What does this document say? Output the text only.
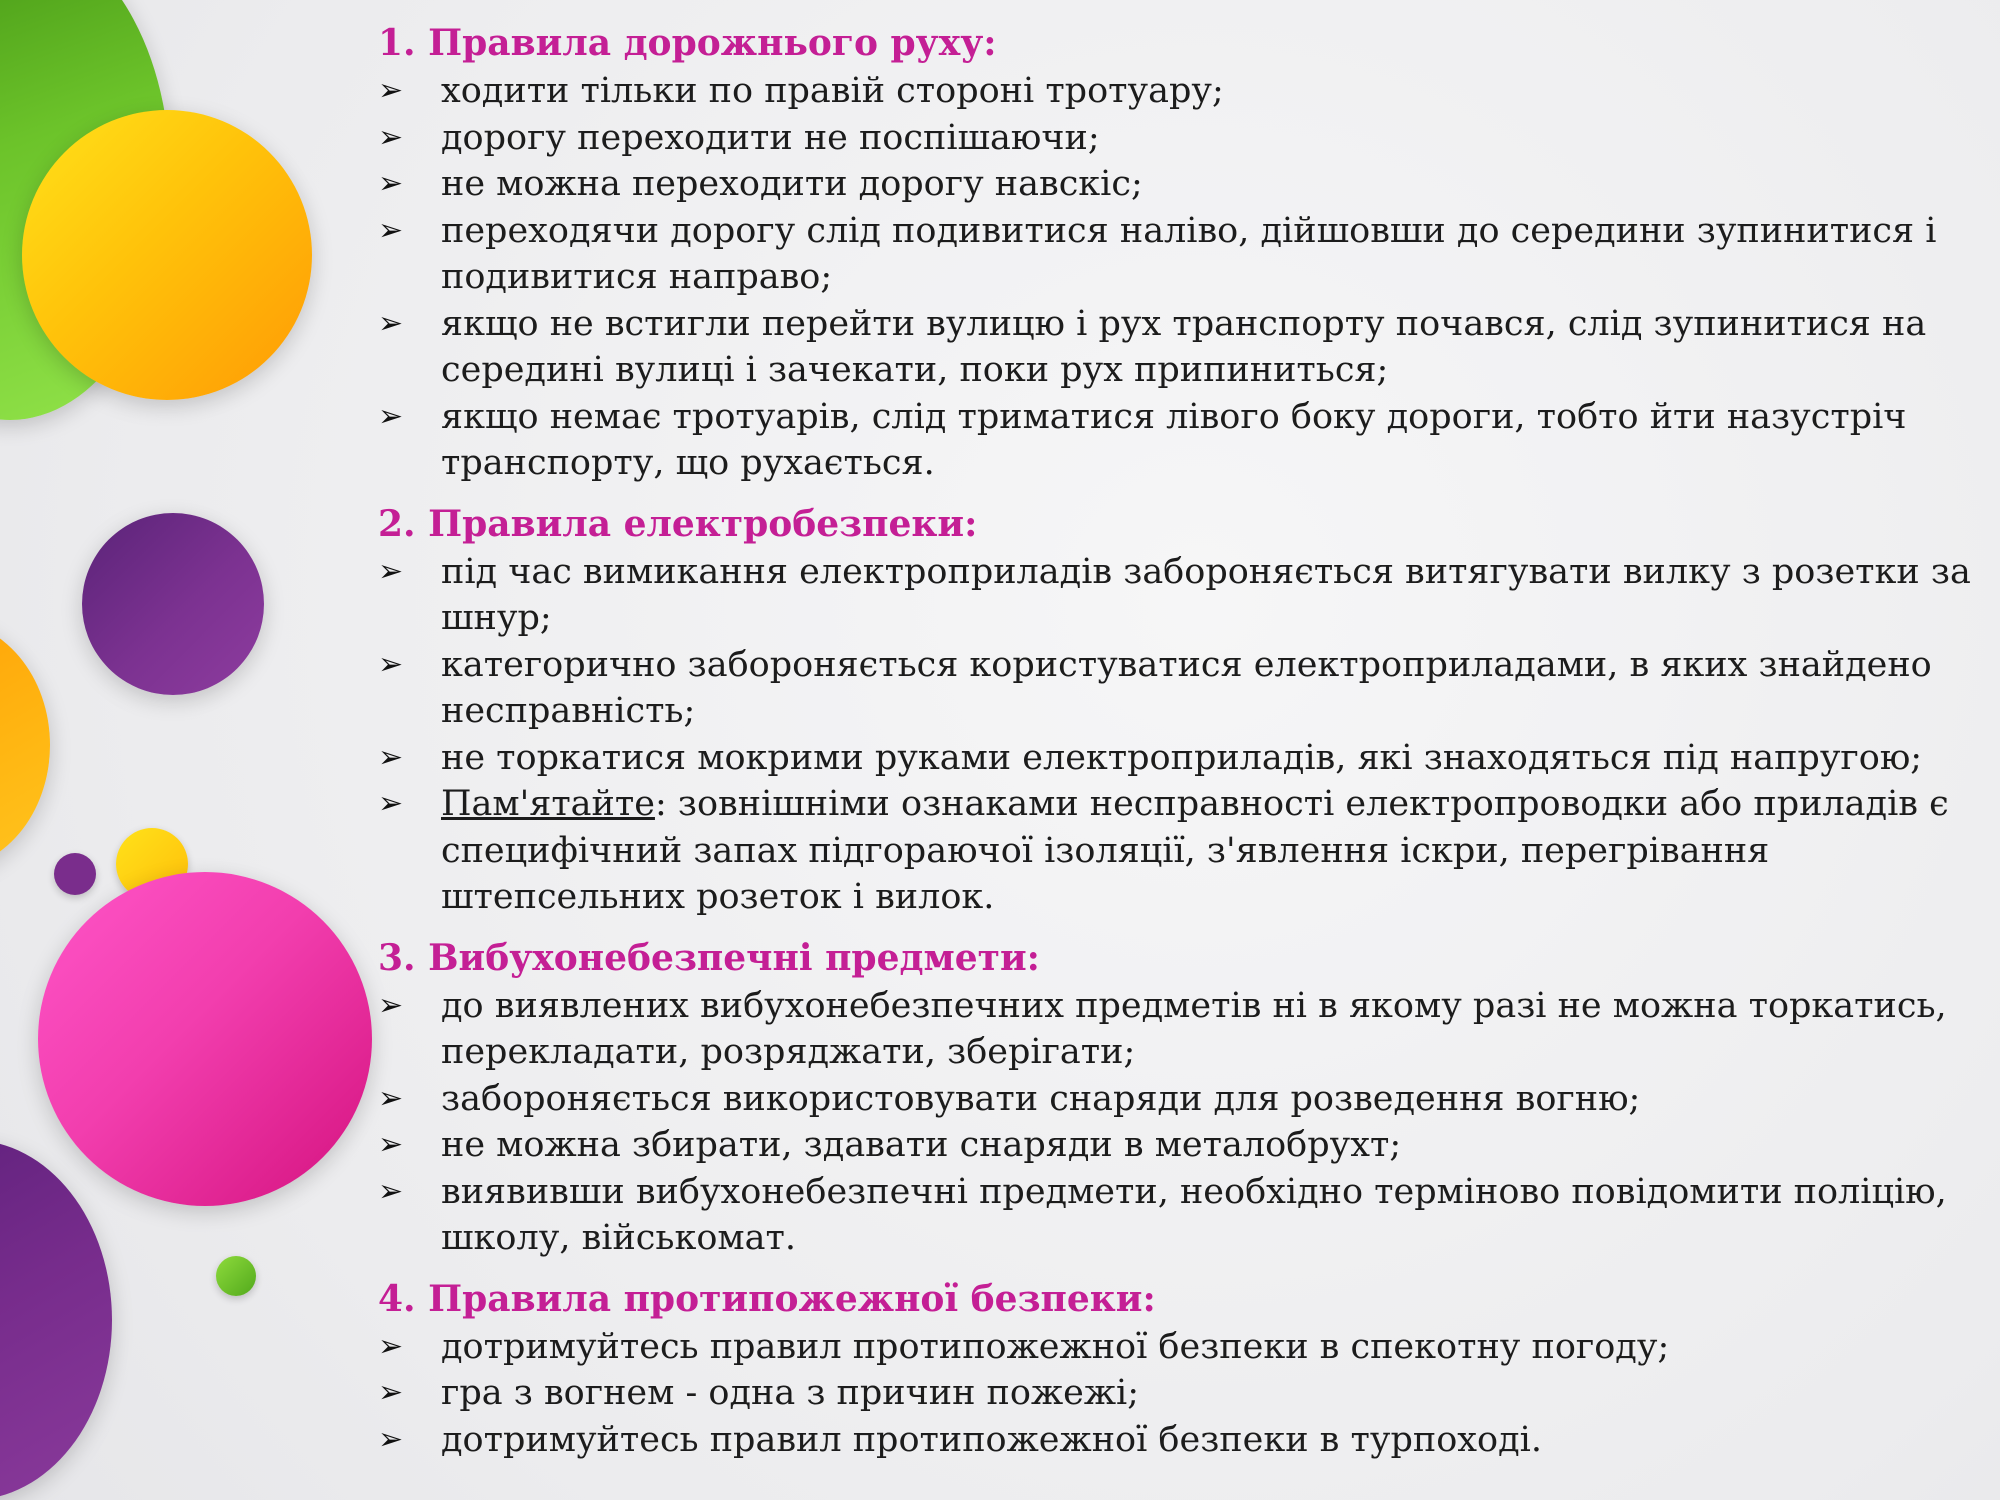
1. Правила дорожнього руху:
➢ ходити тільки по правій стороні тротуару;
➢ дорогу переходити не поспішаючи;
➢ не можна переходити дорогу навскіс;
➢ переходячи дорогу слід подивитися наліво, дійшовши до середини зупинитися і подивитися направо;
➢ якщо не встигли перейти вулицю і рух транспорту почався, слід зупинитися на середині вулиці і зачекати, поки рух припиниться;
➢ якщо немає тротуарів, слід триматися лівого боку дороги, тобто йти назустріч транспорту, що рухається.
2. Правила електробезпеки:
➢ під час вимикання електроприладів забороняється витягувати вилку з розетки за шнур;
➢ категорично забороняється користуватися електроприладами, в яких знайдено несправність;
➢ не торкатися мокрими руками електроприладів, які знаходяться під напругою;
➢ Пам'ятайте: зовнішніми ознаками несправності електропроводки або приладів є специфічний запах підгораючої ізоляції, з'явлення іскри, перегрівання штепсельних розеток і вилок.
3. Вибухонебезпечні предмети:
➢ до виявлених вибухонебезпечних предметів ні в якому разі не можна торкатись, перекладати, розряджати, зберігати;
➢ забороняється використовувати снаряди для розведення вогню;
➢ не можна збирати, здавати снаряди в металобрухт;
➢ виявивши вибухонебезпечні предмети, необхідно терміново повідомити поліцію, школу, військомат.
4. Правила протипожежної безпеки:
➢ дотримуйтесь правил протипожежної безпеки в спекотну погоду;
➢ гра з вогнем - одна з причин пожежі;
➢ дотримуйтесь правил протипожежної безпеки в турпоході.
